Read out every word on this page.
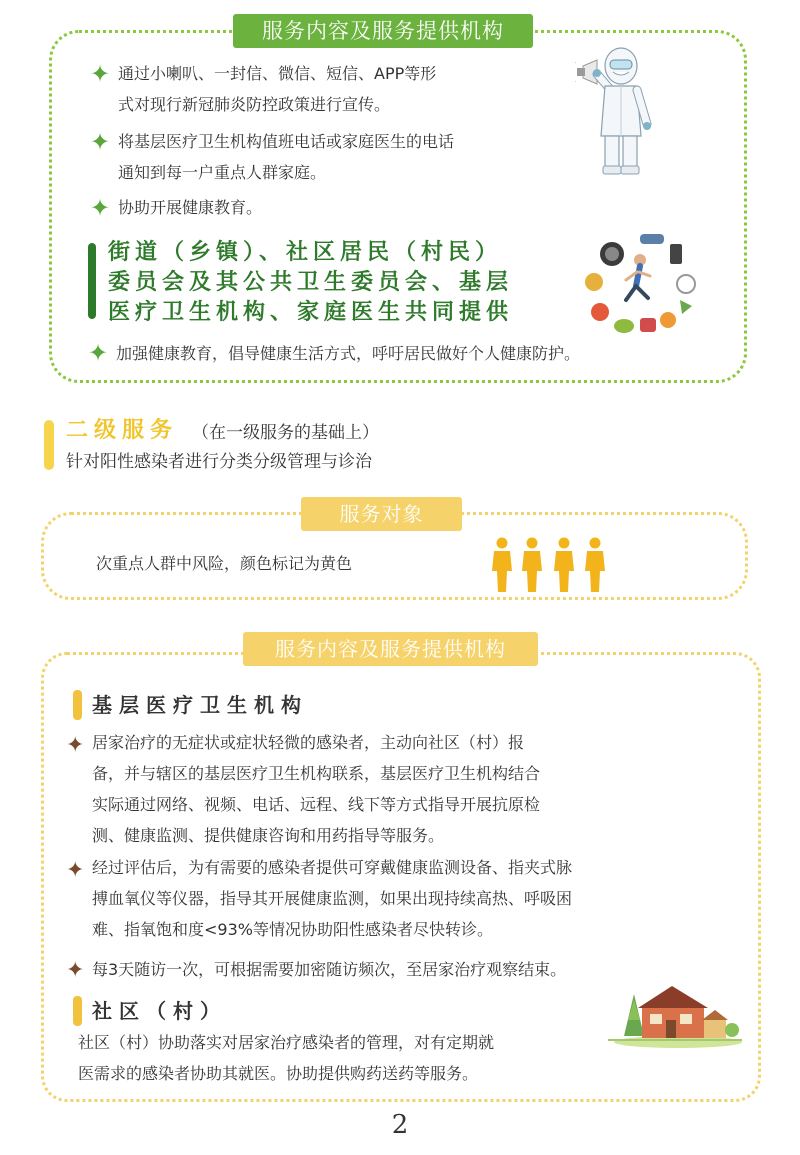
服务内容及服务提供机构
✦ 通过小喇叭、一封信、微信、短信、APP等形
式对现行新冠肺炎防控政策进行宣传。
✦ 将基层医疗卫生机构值班电话或家庭医生的电话
通知到每一户重点人群家庭。
✦ 协助开展健康教育。
街道（乡镇）、社区居民（村民）
委员会及其公共卫生委员会、基层
医疗卫生机构、家庭医生共同提供
✦ 加强健康教育，倡导健康生活方式，呼吁居民做好个人健康防护。
二级服务 （在一级服务的基础上）
针对阳性感染者进行分类分级管理与诊治
服务对象
次重点人群中风险，颜色标记为黄色
服务内容及服务提供机构
基层医疗卫生机构
✦ 居家治疗的无症状或症状轻微的感染者，主动向社区（村）报
备，并与辖区的基层医疗卫生机构联系，基层医疗卫生机构结合
实际通过网络、视频、电话、远程、线下等方式指导开展抗原检
测、健康监测、提供健康咨询和用药指导等服务。
✦ 经过评估后，为有需要的感染者提供可穿戴健康监测设备、指夹式脉
搏血氧仪等仪器，指导其开展健康监测，如果出现持续高热、呼吸困
难、指氧饱和度<93%等情况协助阳性感染者尽快转诊。
✦ 每3天随访一次，可根据需要加密随访频次，至居家治疗观察结束。
社区（村）
社区（村）协助落实对居家治疗感染者的管理，对有定期就
医需求的感染者协助其就医。协助提供购药送药等服务。
2
